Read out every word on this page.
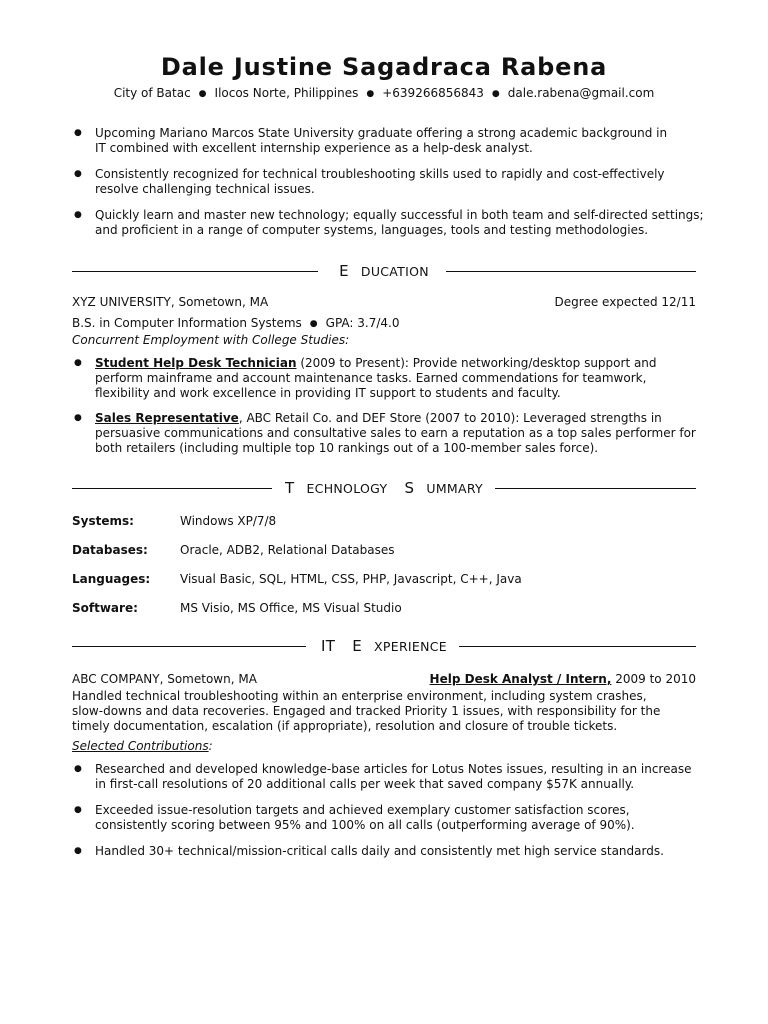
Dale Justine Sagadraca Rabena
City of Batac ● Ilocos Norte, Philippines ● +639266856843 ● dale.rabena@gmail.com
● Upcoming Mariano Marcos State University graduate offering a strong academic background in IT combined with excellent internship experience as a help-desk analyst.
● Consistently recognized for technical troubleshooting skills used to rapidly and cost-effectively resolve challenging technical issues.
● Quickly learn and master new technology; equally successful in both team and self-directed settings; and proficient in a range of computer systems, languages, tools and testing methodologies.
E DUCATION
XYZ UNIVERSITY, Sometown, MA	Degree expected 12/11
B.S. in Computer Information Systems ● GPA: 3.7/4.0
Concurrent Employment with College Studies:
● Student Help Desk Technician (2009 to Present): Provide networking/desktop support and perform mainframe and account maintenance tasks. Earned commendations for teamwork, flexibility and work excellence in providing IT support to students and faculty.
● Sales Representative, ABC Retail Co. and DEF Store (2007 to 2010): Leveraged strengths in persuasive communications and consultative sales to earn a reputation as a top sales performer for both retailers (including multiple top 10 rankings out of a 100-member sales force).
T ECHNOLOGY S UMMARY
Systems:	Windows XP/7/8
Databases:	Oracle, ADB2, Relational Databases
Languages: Visual Basic, SQL, HTML, CSS, PHP, Javascript, C++, Java
Software:	MS Visio, MS Office, MS Visual Studio
IT E XPERIENCE
ABC COMPANY, Sometown, MA	Help Desk Analyst / Intern, 2009 to 2010
Handled technical troubleshooting within an enterprise environment, including system crashes, slow-downs and data recoveries. Engaged and tracked Priority 1 issues, with responsibility for the timely documentation, escalation (if appropriate), resolution and closure of trouble tickets.
Selected Contributions:
● Researched and developed knowledge-base articles for Lotus Notes issues, resulting in an increase in first-call resolutions of 20 additional calls per week that saved company $57K annually.
● Exceeded issue-resolution targets and achieved exemplary customer satisfaction scores, consistently scoring between 95% and 100% on all calls (outperforming average of 90%).
● Handled 30+ technical/mission-critical calls daily and consistently met high service standards.
